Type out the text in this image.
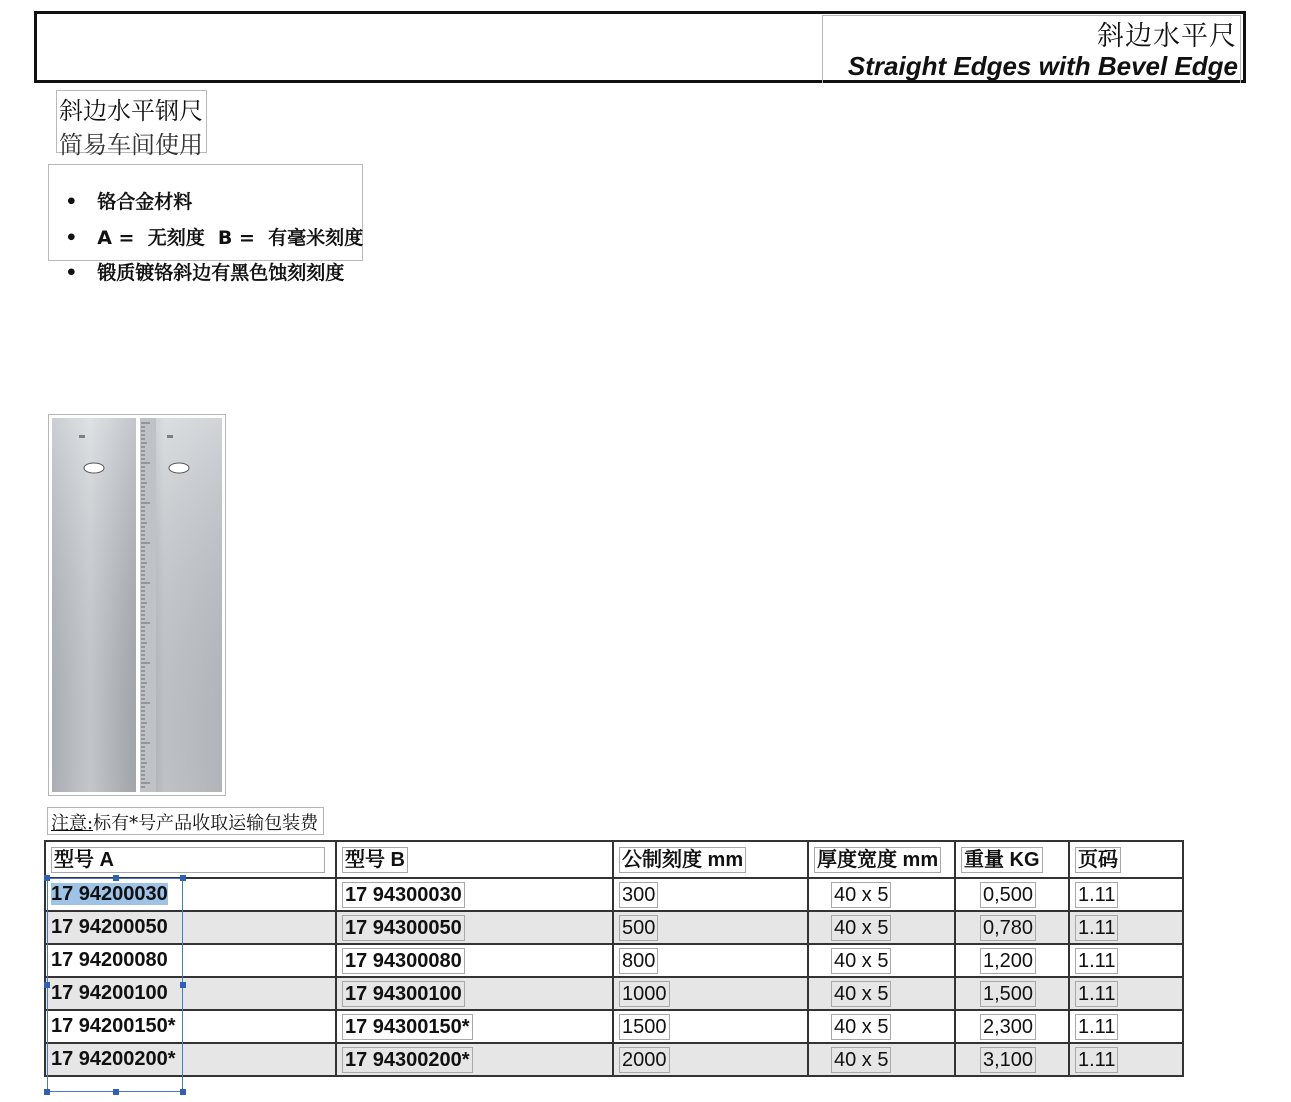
斜边水平尺
Straight Edges with Bevel Edge
斜边水平钢尺
简易车间使用

• 铬合金材料

• A =  无刻度  B =  有毫米刻度

• 锻质镀铬斜边有黑色蚀刻刻度

注意:标有*号产品收取运输包装费
型号 A	型号 B	公制刻度 mm	厚度宽度 mm	重量 KG	页码
17 94200030	17 94300030	300	40 x 5	0,500	1.11
17 94200050	17 94300050	500	40 x 5	0,780	1.11
17 94200080	17 94300080	800	40 x 5	1,200	1.11
17 94200100	17 94300100	1000	40 x 5	1,500	1.11
17 94200150*	17 94300150*	1500	40 x 5	2,300	1.11
17 94200200*	17 94300200*	2000	40 x 5	3,100	1.11
